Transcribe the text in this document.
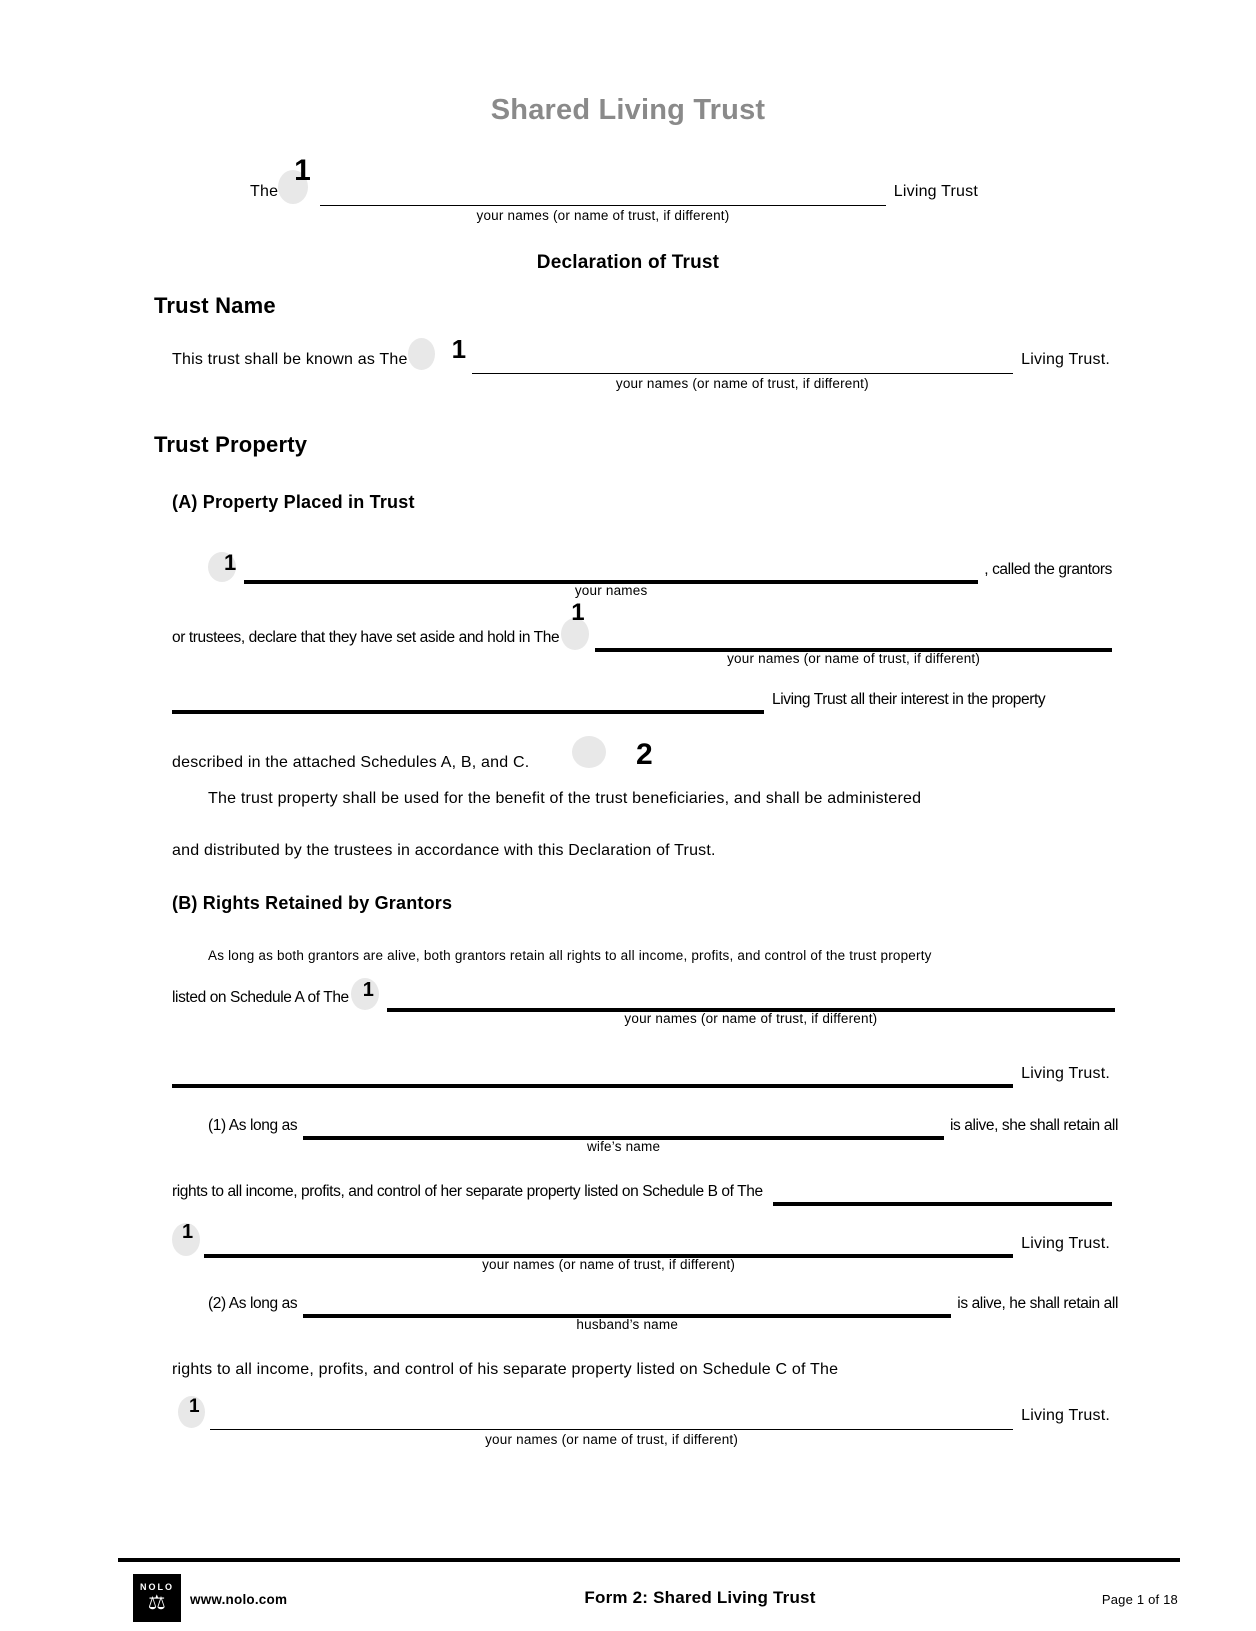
Shared Living Trust
The
1
your names (or name of trust, if different)
Living Trust
Declaration of Trust
Trust Name
This trust shall be known as The 1
your names (or name of trust, if different)
Living Trust.
Trust Property
(A) Property Placed in Trust
1
your names
, called the grantors
or trustees, declare that they have set aside and hold in The
1
your names (or name of trust, if different)
Living Trust all their interest in the property
described in the attached Schedules A, B, and C.	2
The trust property shall be used for the benefit of the trust beneficiaries, and shall be administered
and distributed by the trustees in accordance with this Declaration of Trust.
(B) Rights Retained by Grantors
As long as both grantors are alive, both grantors retain all rights to all income, profits, and control of the trust property
listed on Schedule A of The 1
your names (or name of trust, if different)
Living Trust.
(1) As long as
wife’s name
is alive, she shall retain all
rights to all income, profits, and control of her separate property listed on Schedule B of The
1
your names (or name of trust, if different)
Living Trust.
(2) As long as
husband’s name
is alive, he shall retain all
rights to all income, profits, and control of his separate property listed on Schedule C of The
1
your names (or name of trust, if different)
Living Trust.
NOLO
⚖ www.nolo.com	Form 2: Shared Living Trust	Page 1 of 18
